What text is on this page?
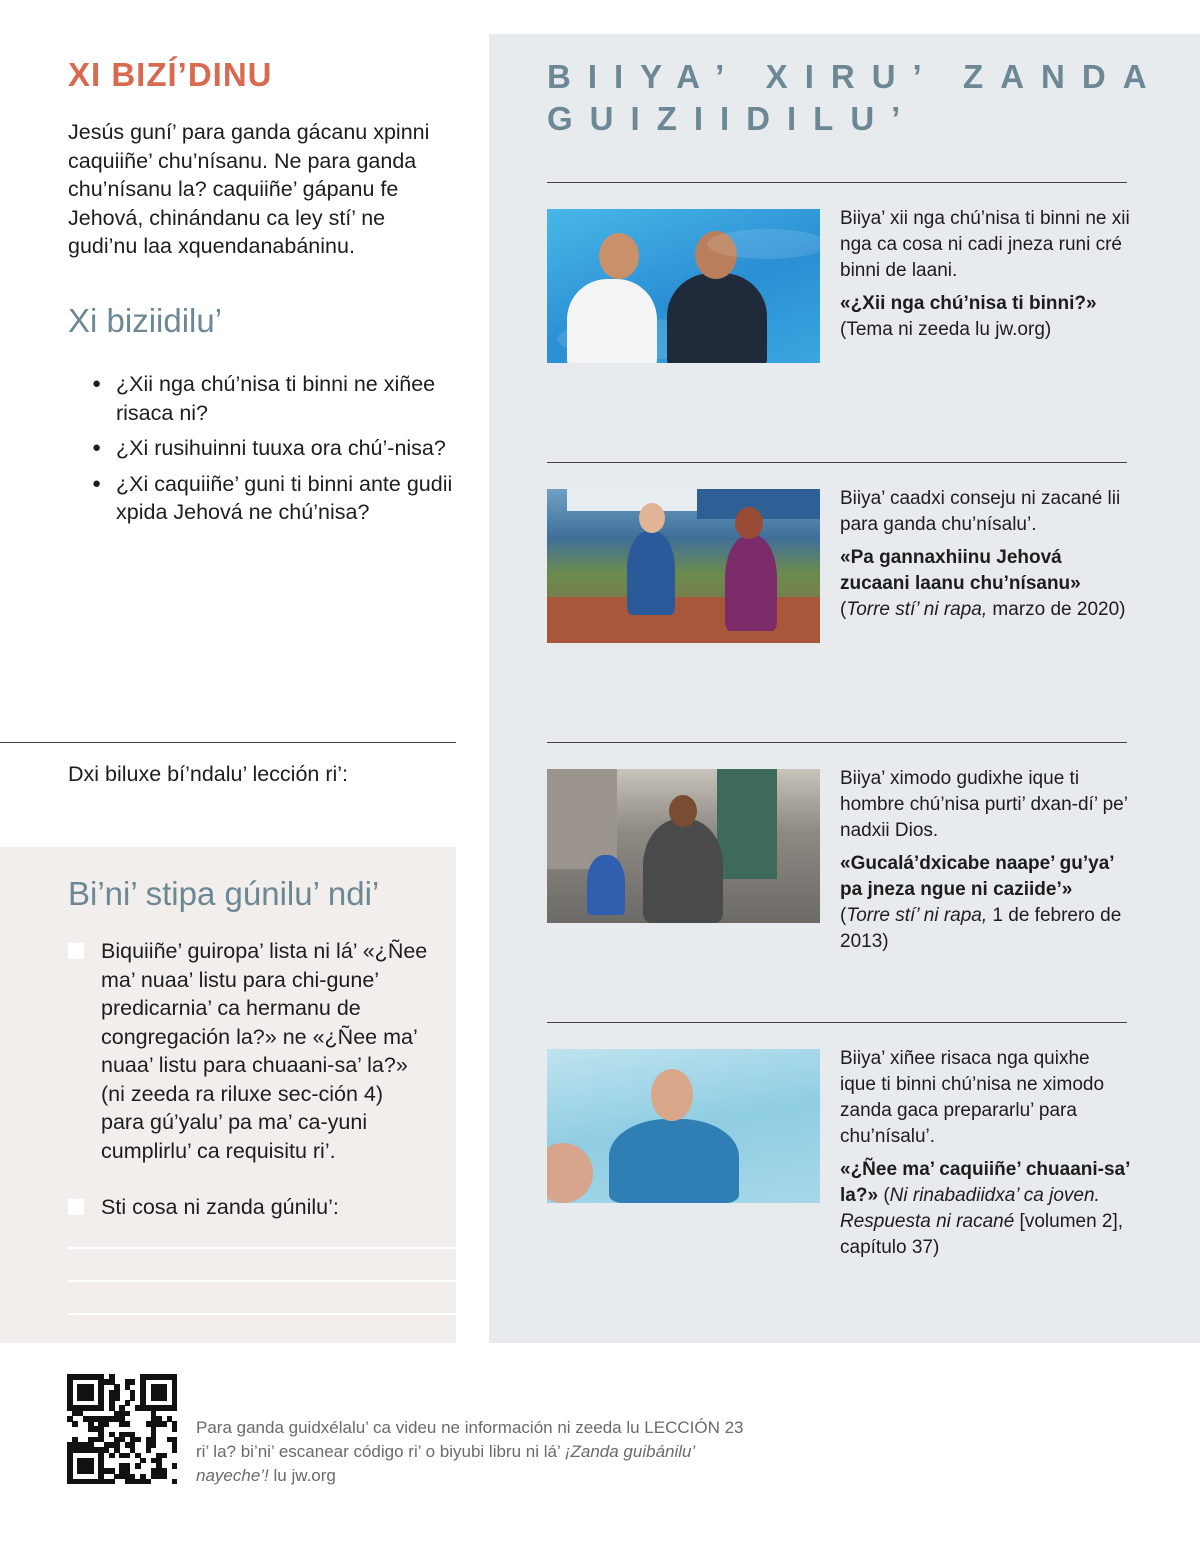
XI BIZÍ’DINU

Jesús guní’ para ganda gácanu xpinni caquiiñe’ chu’nísanu. Ne para ganda chu’nísanu la? caquiiñe’ gápanu fe Jehová, chinándanu ca ley stí’ ne gudi’nu laa xquendanabáninu.

Xi biziidilu’
● ¿Xii nga chú’nisa ti binni ne xiñee risaca ni?
● ¿Xi rusihuinni tuuxa ora chú’-nisa?
● ¿Xi caquiiñe’ guni ti binni ante gudii xpida Jehová ne chú’nisa?
Dxi biluxe bí’ndalu’ lección ri’:
Bi’ni’ stipa gúnilu’ ndi’
Biquiiñe’ guiropa’ lista ni lá’ «¿Ñee ma’ nuaa’ listu para chi-gune’ predicarnia’ ca hermanu de congregación la?» ne «¿Ñee ma’ nuaa’ listu para chuaani-sa’ la?» (ni zeeda ra riluxe sec-ción 4) para gú’yalu’ pa ma’ ca-yuni cumplirlu’ ca requisitu ri’.
Sti cosa ni zanda gúnilu’:
BIIYA’ XIRU’ ZANDA GUIZIIDILU’
Biiya’ xii nga chú’nisa ti binni ne xii nga ca cosa ni cadi jneza runi cré binni de laani.
«¿Xii nga chú’nisa ti binni?»
(Tema ni zeeda lu jw.org)
Biiya’ caadxi conseju ni zacané lii para ganda chu’nísalu’.
«Pa gannaxhiinu Jehová zucaani laanu chu’nísanu»
(Torre stí’ ni rapa, marzo de 2020)
Biiya’ ximodo gudixhe ique ti hombre chú’nisa purti’ dxan-dí’ pe’ nadxii Dios.
«Gucalá’dxicabe naape’ gu’ya’ pa jneza ngue ni caziide’»
(Torre stí’ ni rapa, 1 de febrero de 2013)
Biiya’ xiñee risaca nga quixhe ique ti binni chú’nisa ne ximodo zanda gaca prepararlu’ para chu’nísalu’.
«¿Ñee ma’ caquiiñe’ chuaani-sa’ la?» (Ni rinabadiidxa’ ca joven. Respuesta ni racané [volumen 2], capítulo 37)

Para ganda guidxélalu’ ca videu ne información ni zeeda lu LECCIÓN 23 ri’ la? bi’ni’ escanear código ri’ o biyubi libru ni lá’ ¡Zanda guibánilu’ nayeche’! lu jw.org
